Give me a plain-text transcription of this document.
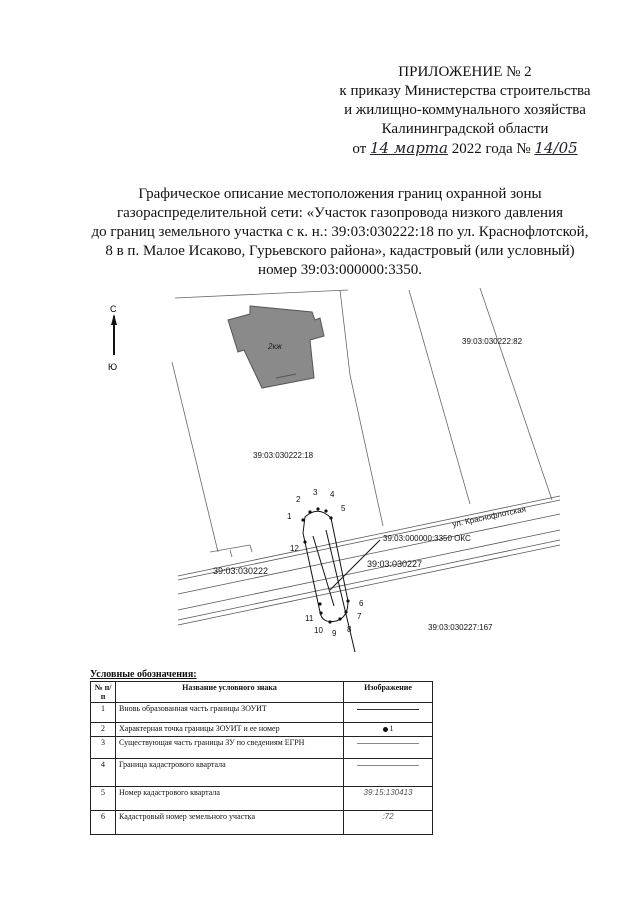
ПРИЛОЖЕНИЕ № 2
к приказу Министерства строительства
и жилищно-коммунального хозяйства
Калининградской области
от 14 марта 2022 года № 14/05
Графическое описание местоположения границ охранной зоны
газораспределительной сети: «Участок газопровода низкого давления
до границ земельного участка с к. н.: 39:03:030222:18 по ул. Краснофлотской,
8 в п. Малое Исаково, Гурьевского района», кадастровый (или условный)
номер 39:03:000000:3350.
С
Ю
2кж
1
2
3 4
5
6
7
8
9
10
11
12
39:03:030222:82
39:03:030222:18
ул. Краснофлотская
39:03:000000:3350 ОКС
39:03:030222
39:03:030227
39:03:030227:167
Условные обозначения:
№ п/ п	Название условного знака	Изображение
1	Вновь образованная часть границы ЗОУИТ	
2	Характерная точка границы ЗОУИТ и ее номер	1
3	Существующая часть границы ЗУ по сведениям ЕГРН	
4	Граница кадастрового квартала	
5	Номер кадастрового квартала	39:15:130413
6	Кадастровый номер земельного участка	:72
